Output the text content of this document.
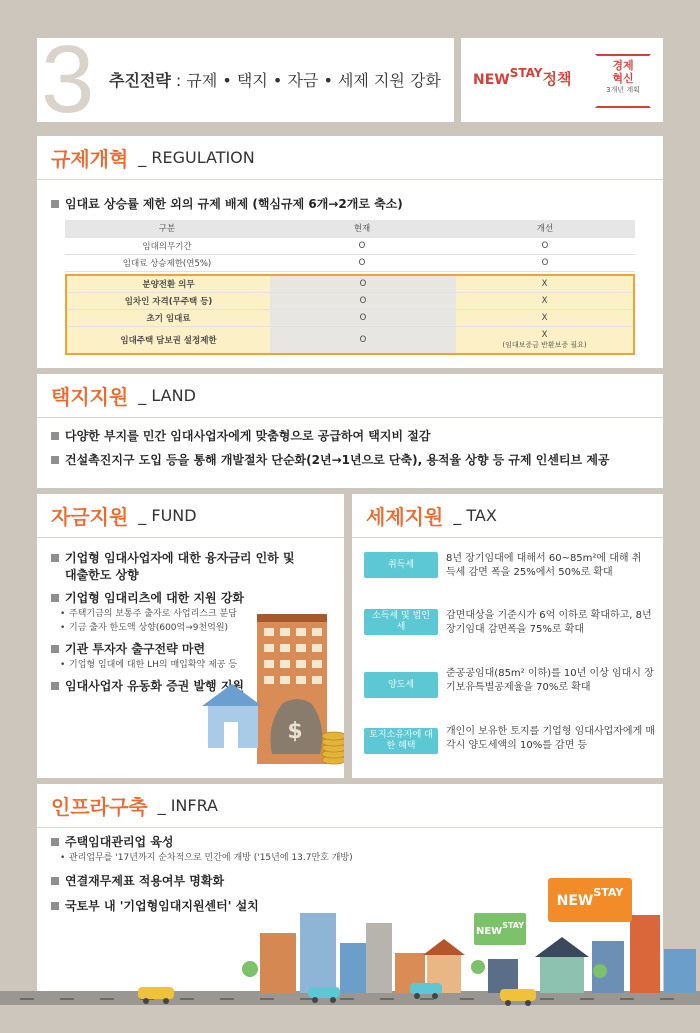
3 추진전략 : 규제 • 택지 • 자금 • 세제 지원 강화 $NEW^{STAY}$정책
경제
혁신
3개년 계획
규제개혁 _ REGULATION
임대료 상승률 제한 외의 규제 배제 (핵심규제 6개→2개로 축소)
구분	현재	개선
임대의무기간	O	O
임대료 상승제한(연5%)	O	O
분양전환 의무	O	X
임차인 자격(무주택 등)	O	X
초기 임대료	O	X
임대주택 담보권 설정제한	O	X
(임대보증금 반환보증 필요)
택지지원 _ LAND
다양한 부지를 민간 임대사업자에게 맞춤형으로 공급하여 택지비 절감
건설촉진지구 도입 등을 통해 개발절차 단순화(2년→1년으로 단축), 용적율 상향 등 규제 인센티브 제공
자금지원 _ FUND
기업형 임대사업자에 대한 융자금리 인하 및 대출한도 상향
기업형 임대리츠에 대한 지원 강화
• 주택기금의 보통주 출자로 사업리스크 분담
• 기금 출자 한도액 상향(600억→9천억원)
기관 투자자 출구전략 마련
• 기업형 임대에 대한 LH의 매입확약 제공 등
임대사업자 유동화 증권 발행 지원
$
세제지원 _ TAX
취득세
8년 장기임대에 대해서 60~85m²에 대해 취득세 감면 폭을 25%에서 50%로 확대
소득세 및 법인세
감면대상을 기준시가 6억 이하로 확대하고, 8년 장기임대 감면폭을 75%로 확대
양도세
준공공임대(85m² 이하)를 10년 이상 임대시 장기보유특별공제율을 70%로 확대
토지소유자에 대한 혜택
개인이 보유한 토지를 기업형 임대사업자에게 매각시 양도세액의 10%를 감면 등
인프라구축 _ INFRA
주택임대관리업 육성
• 관리업무를 '17년까지 순차적으로 민간에 개방 ('15년에 13.7만호 개방)
연결재무제표 적용여부 명확화
국토부 내 '기업형임대지원센터' 설치
$NEW^{STAY}$
$NEW^{STAY}$
